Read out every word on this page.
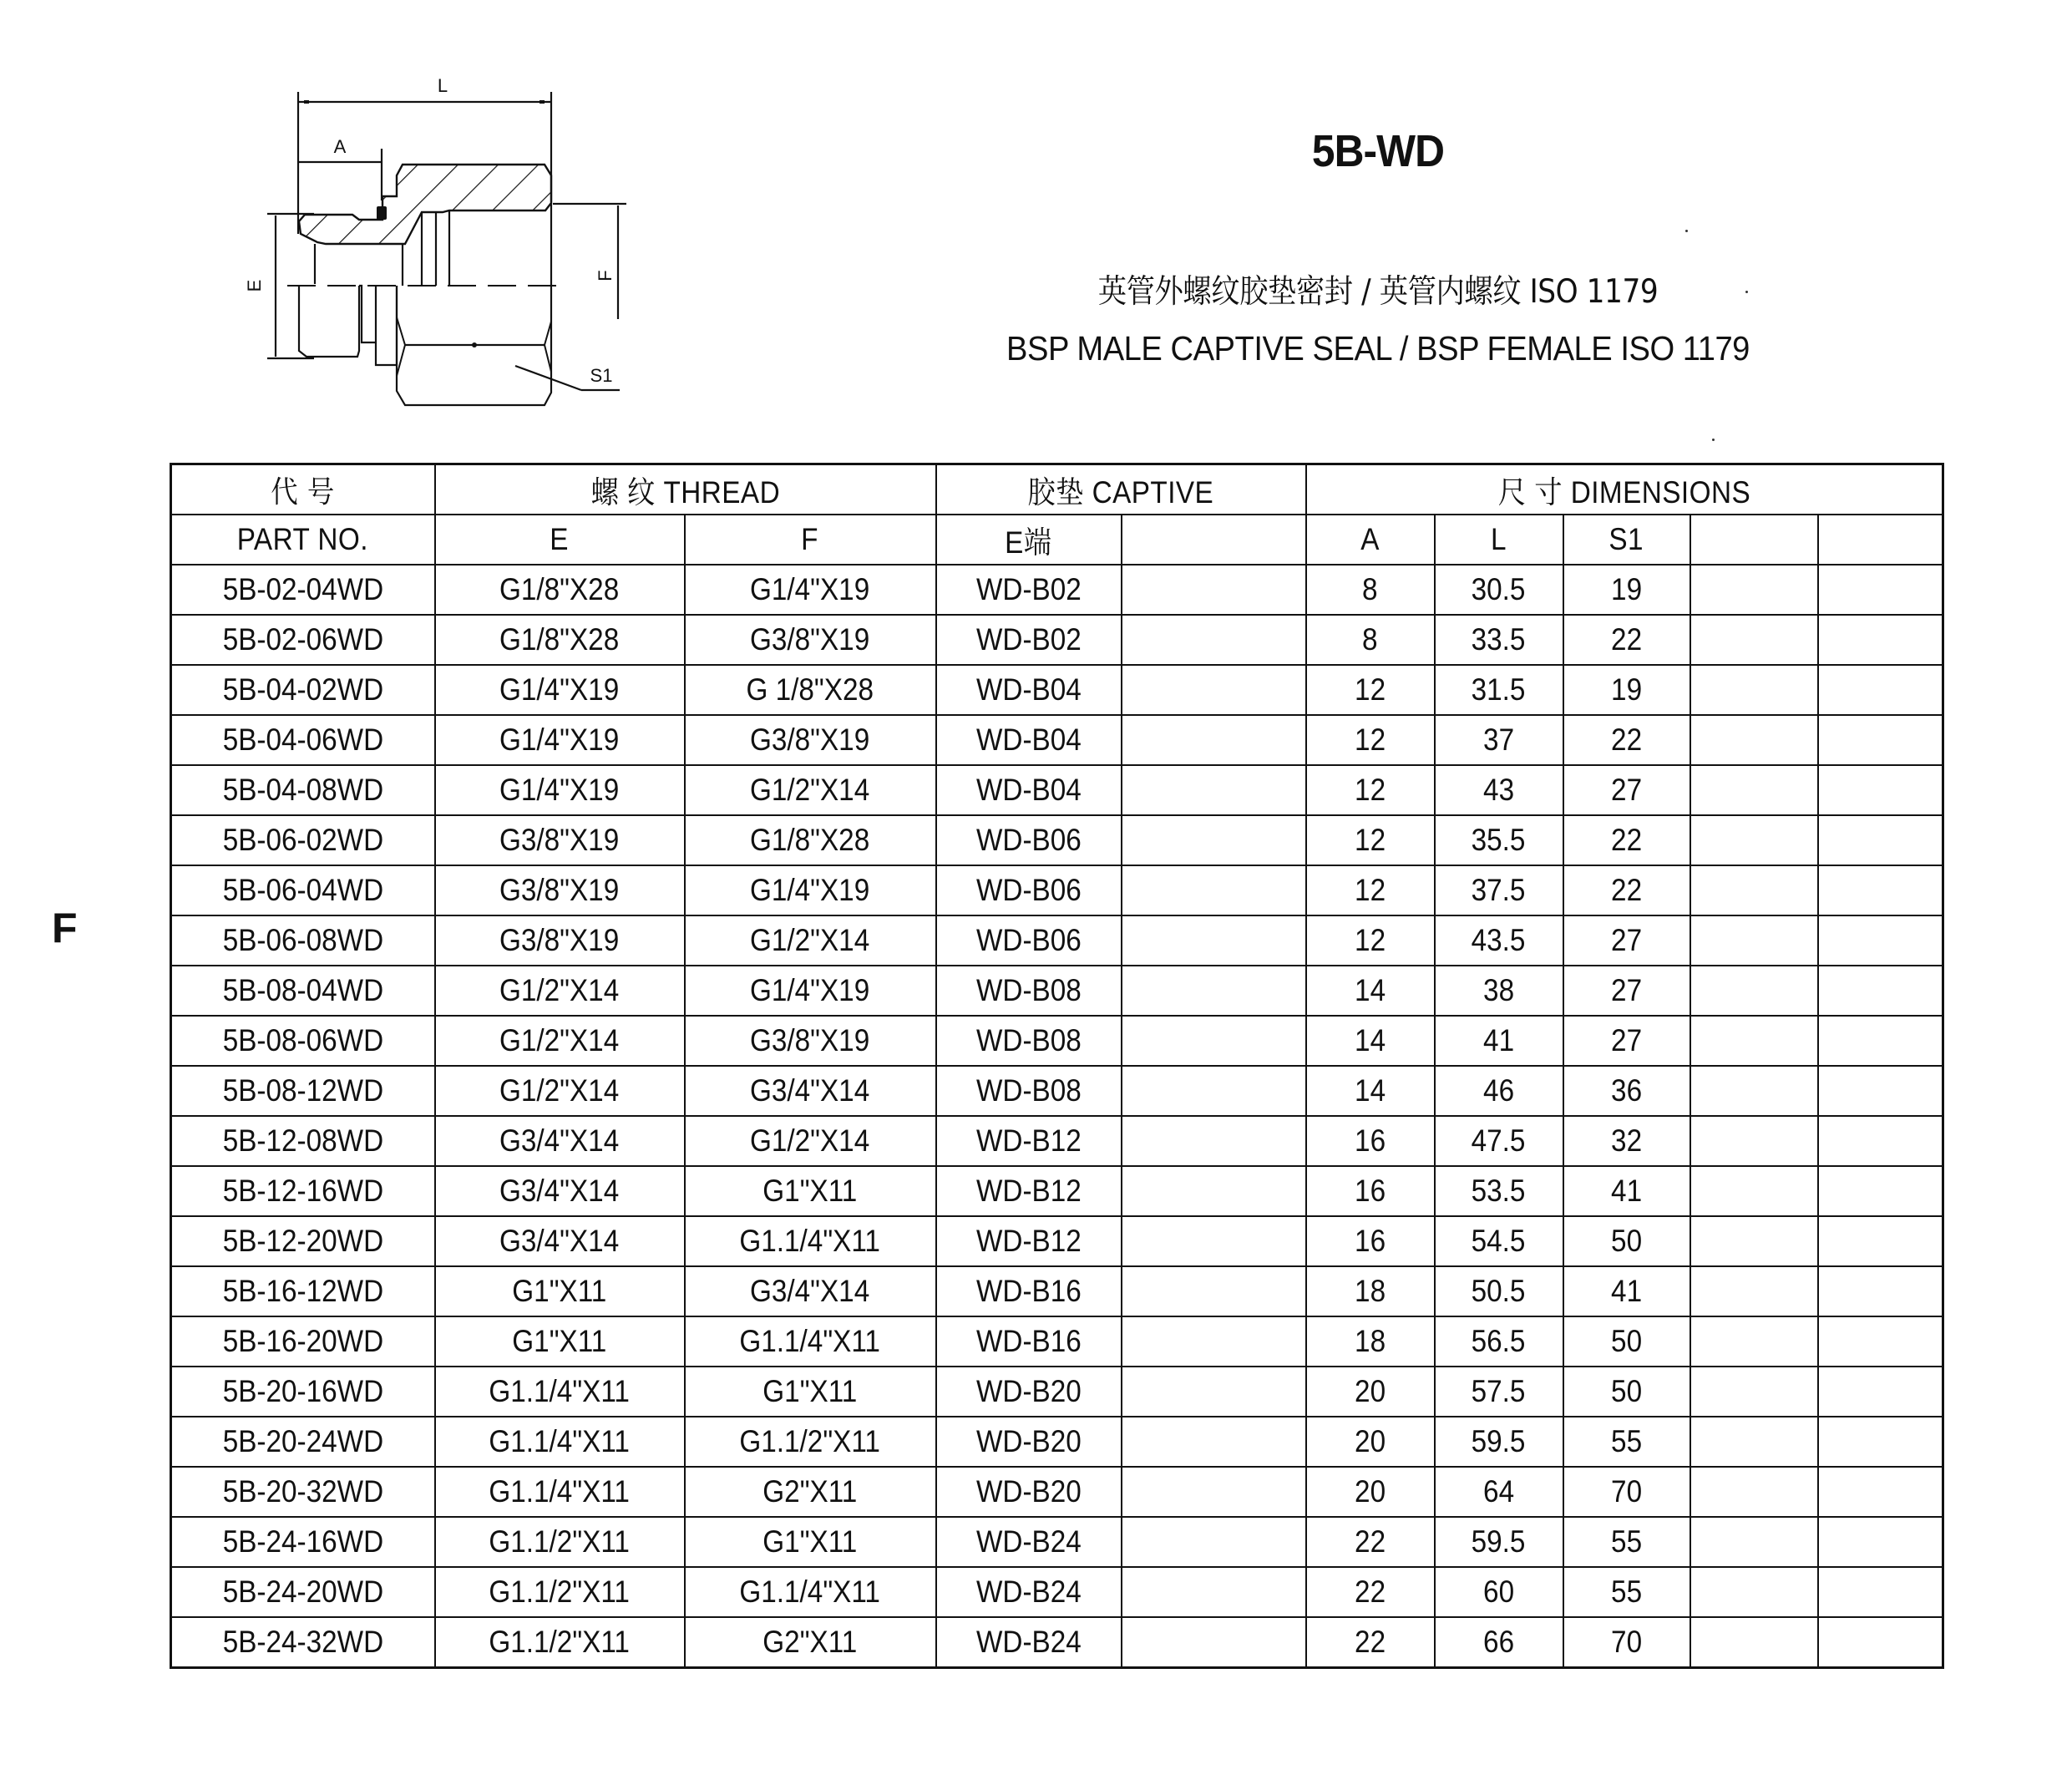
L
A
E
F
S1
5B-WD
英管外螺纹胶垫密封 / 英管内螺纹 ISO 1179
BSP MALE CAPTIVE SEAL / BSP FEMALE ISO 1179
F
代 号	螺 纹 THREAD		胶垫 CAPTIVE		尺 寸 DIMENSIONS				
PART NO.	E	F	E端		A	L	S1		
5B-02-04WD	G1/8"X28	G1/4"X19	WD-B02		8	30.5	19		
5B-02-06WD	G1/8"X28	G3/8"X19	WD-B02		8	33.5	22		
5B-04-02WD	G1/4"X19	G 1/8"X28	WD-B04		12	31.5	19		
5B-04-06WD	G1/4"X19	G3/8"X19	WD-B04		12	37	22		
5B-04-08WD	G1/4"X19	G1/2"X14	WD-B04		12	43	27		
5B-06-02WD	G3/8"X19	G1/8"X28	WD-B06		12	35.5	22		
5B-06-04WD	G3/8"X19	G1/4"X19	WD-B06		12	37.5	22		
5B-06-08WD	G3/8"X19	G1/2"X14	WD-B06		12	43.5	27		
5B-08-04WD	G1/2"X14	G1/4"X19	WD-B08		14	38	27		
5B-08-06WD	G1/2"X14	G3/8"X19	WD-B08		14	41	27		
5B-08-12WD	G1/2"X14	G3/4"X14	WD-B08		14	46	36		
5B-12-08WD	G3/4"X14	G1/2"X14	WD-B12		16	47.5	32		
5B-12-16WD	G3/4"X14	G1"X11	WD-B12		16	53.5	41		
5B-12-20WD	G3/4"X14	G1.1/4"X11	WD-B12		16	54.5	50		
5B-16-12WD	G1"X11	G3/4"X14	WD-B16		18	50.5	41		
5B-16-20WD	G1"X11	G1.1/4"X11	WD-B16		18	56.5	50		
5B-20-16WD	G1.1/4"X11	G1"X11	WD-B20		20	57.5	50		
5B-20-24WD	G1.1/4"X11	G1.1/2"X11	WD-B20		20	59.5	55		
5B-20-32WD	G1.1/4"X11	G2"X11	WD-B20		20	64	70		
5B-24-16WD	G1.1/2"X11	G1"X11	WD-B24		22	59.5	55		
5B-24-20WD	G1.1/2"X11	G1.1/4"X11	WD-B24		22	60	55		
5B-24-32WD	G1.1/2"X11	G2"X11	WD-B24		22	66	70		
